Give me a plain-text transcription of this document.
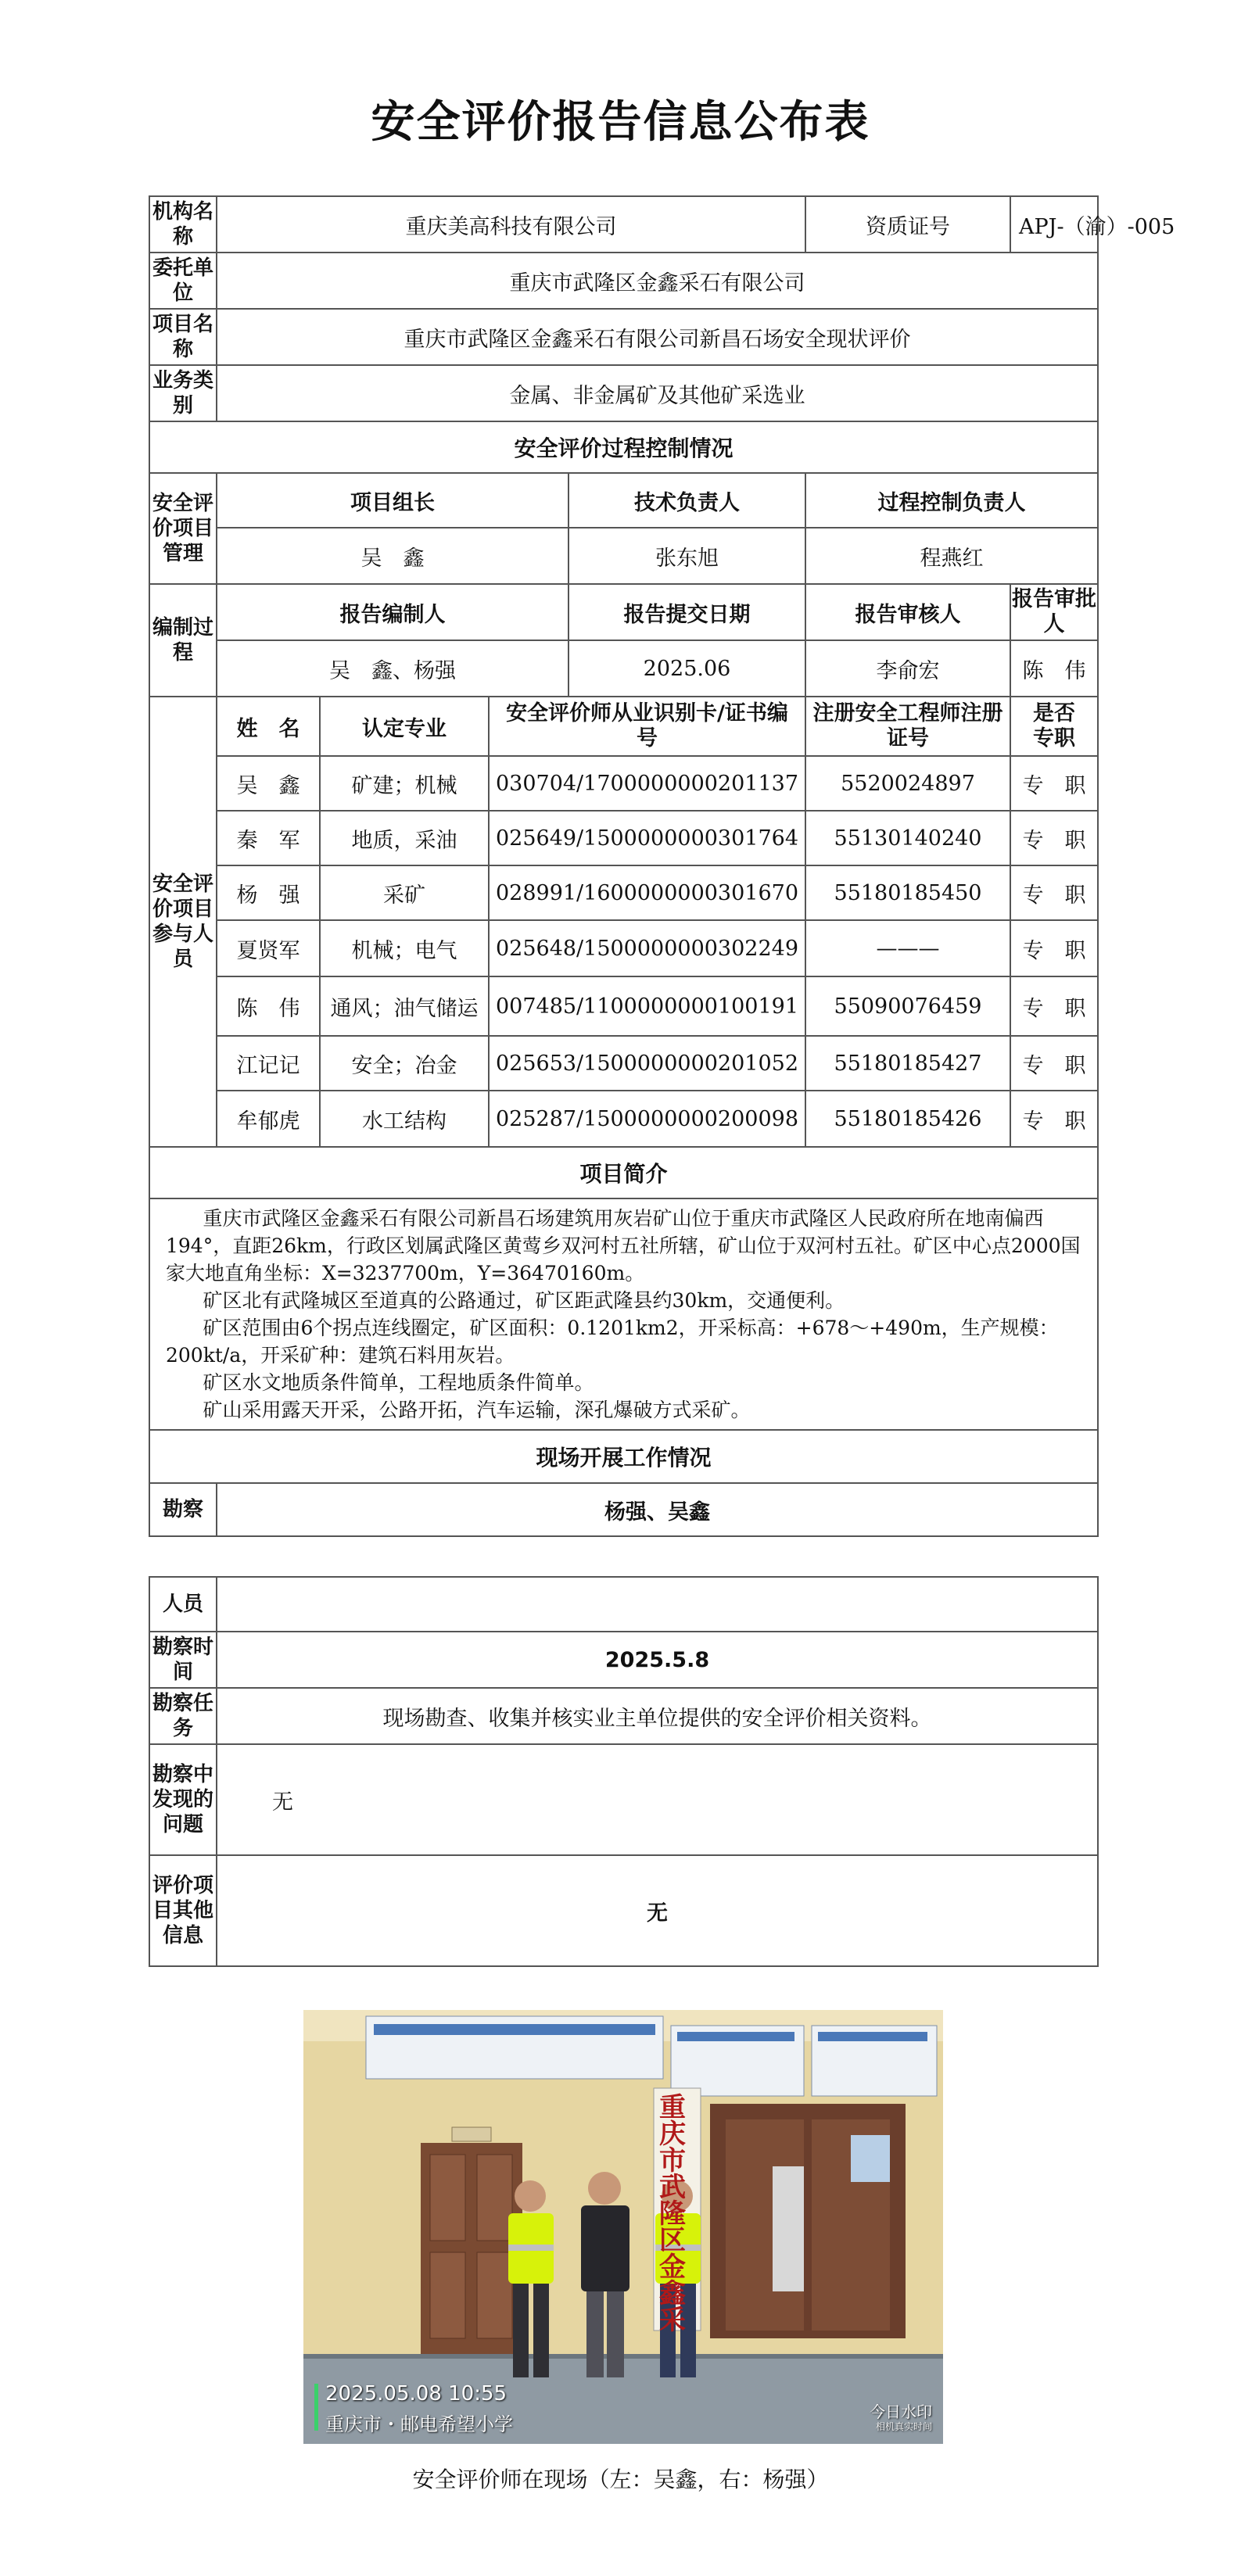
安全评价报告信息公布表
机构名称	重庆美高科技有限公司				资质证号	APJ-（渝）-005
委托单位	重庆市武隆区金鑫采石有限公司					
项目名称	重庆市武隆区金鑫采石有限公司新昌石场安全现状评价					
业务类别	金属、非金属矿及其他矿采选业					
安全评价过程控制情况						
安全评价项目管理	项目组长			技术负责人	过程控制负责人	
	吴　鑫			张东旭	程燕红	
编制过程	报告编制人			报告提交日期	报告审核人	报告审批人
	吴　鑫、杨强			2025.06	李俞宏	陈　伟
安全评价项目参与人员	姓　名	认定专业	安全评价师从业识别卡/证书编号		注册安全工程师注册证号	是否专职
	吴　鑫	矿建；机械	030704/1700000000201137		5520024897	专　职
	秦　军	地质，采油	025649/1500000000301764		55130140240	专　职
	杨　强	采矿	028991/1600000000301670		55180185450	专　职
	夏贤军	机械；电气	025648/1500000000302249		———	专　职
	陈　伟	通风；油气储运	007485/1100000000100191		55090076459	专　职
	江记记	安全；冶金	025653/1500000000201052		55180185427	专　职
	牟郁虎	水工结构	025287/1500000000200098		55180185426	专　职
项目简介						

重庆市武隆区金鑫采石有限公司新昌石场建筑用灰岩矿山位于重庆市武隆区人民政府所在地南偏西194°，直距26km，行政区划属武隆区黄莺乡双河村五社所辖，矿山位于双河村五社。矿区中心点2000国家大地直角坐标：X=3237700m，Y=36470160m。

矿区北有武隆城区至道真的公路通过，矿区距武隆县约30km，交通便利。

矿区范围由6个拐点连线圈定，矿区面积：0.1201km2，开采标高：+678～+490m，生产规模：200kt/a，开采矿种：建筑石料用灰岩。

矿区水文地质条件简单，工程地质条件简单。

矿山采用露天开采，公路开拓，汽车运输，深孔爆破方式采矿。						

现场开展工作情况						
勘察	杨强、吴鑫					
人员	
勘察时间	2025.5.8
勘察任务	现场勘查、收集并核实业主单位提供的安全评价相关资料。
勘察中发现的问题	无
评价项目其他信息	无
重庆市武隆区金鑫采
2025.05.08 10:55
重庆市・邮电希望小学
今日水印
相机真实时间
安全评价师在现场（左：吴鑫，右：杨强）
